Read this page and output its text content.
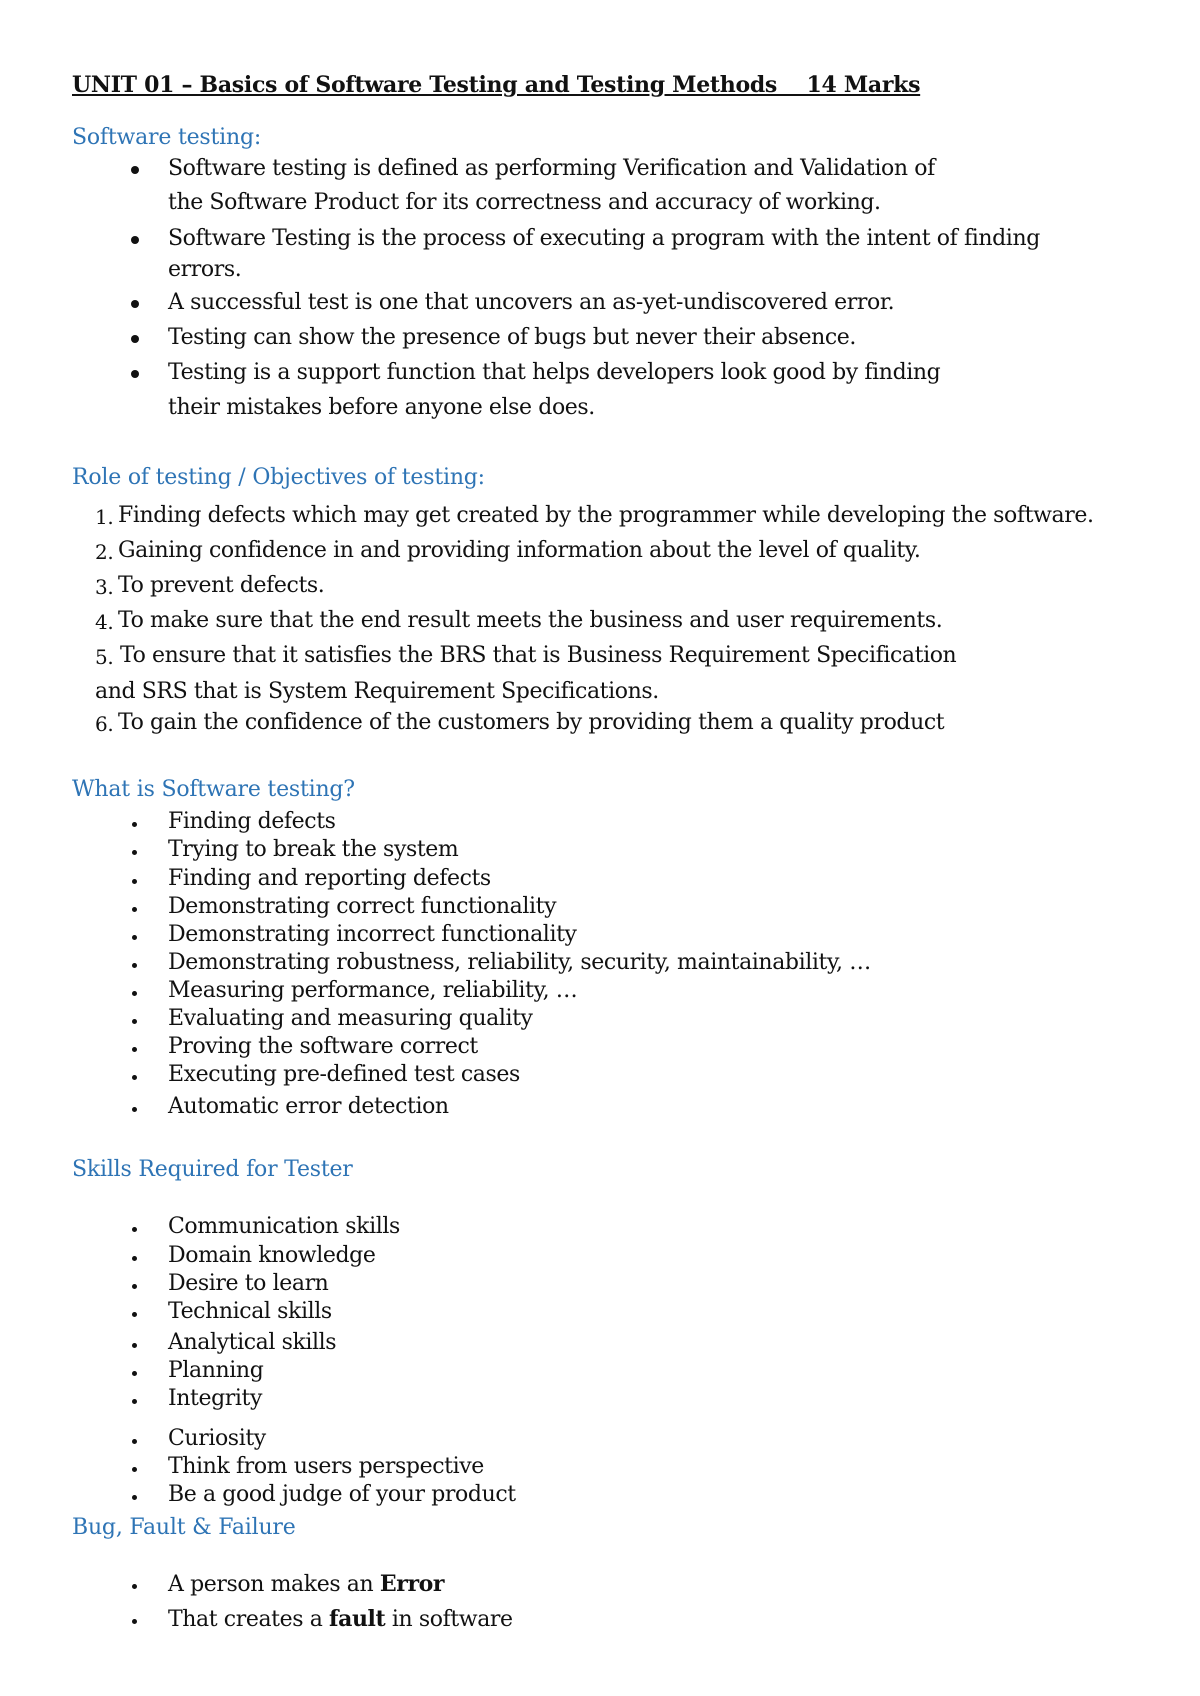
UNIT 01 – Basics of Software Testing and Testing Methods    14 Marks
Software testing:
Software testing is defined as performing Verification and Validation of
the Software Product for its correctness and accuracy of working.
Software Testing is the process of executing a program with the intent of finding
errors.
A successful test is one that uncovers an as-yet-undiscovered error.
Testing can show the presence of bugs but never their absence.
Testing is a support function that helps developers look good by finding
their mistakes before anyone else does.
Role of testing / Objectives of testing:
1. Finding defects which may get created by the programmer while developing the software.
2. Gaining confidence in and providing information about the level of quality.
3. To prevent defects.
4. To make sure that the end result meets the business and user requirements.
5. To ensure that it satisfies the BRS that is Business Requirement Specification
and SRS that is System Requirement Specifications.
6. To gain the confidence of the customers by providing them a quality product
What is Software testing?
Finding defects
Trying to break the system
Finding and reporting defects
Demonstrating correct functionality
Demonstrating incorrect functionality
Demonstrating robustness, reliability, security, maintainability, …
Measuring performance, reliability, …
Evaluating and measuring quality
Proving the software correct
Executing pre-defined test cases
Automatic error detection
Skills Required for Tester
Communication skills
Domain knowledge
Desire to learn
Technical skills
Analytical skills
Planning
Integrity
Curiosity
Think from users perspective
Be a good judge of your product
Bug, Fault & Failure
A person makes an Error
That creates a fault in software
